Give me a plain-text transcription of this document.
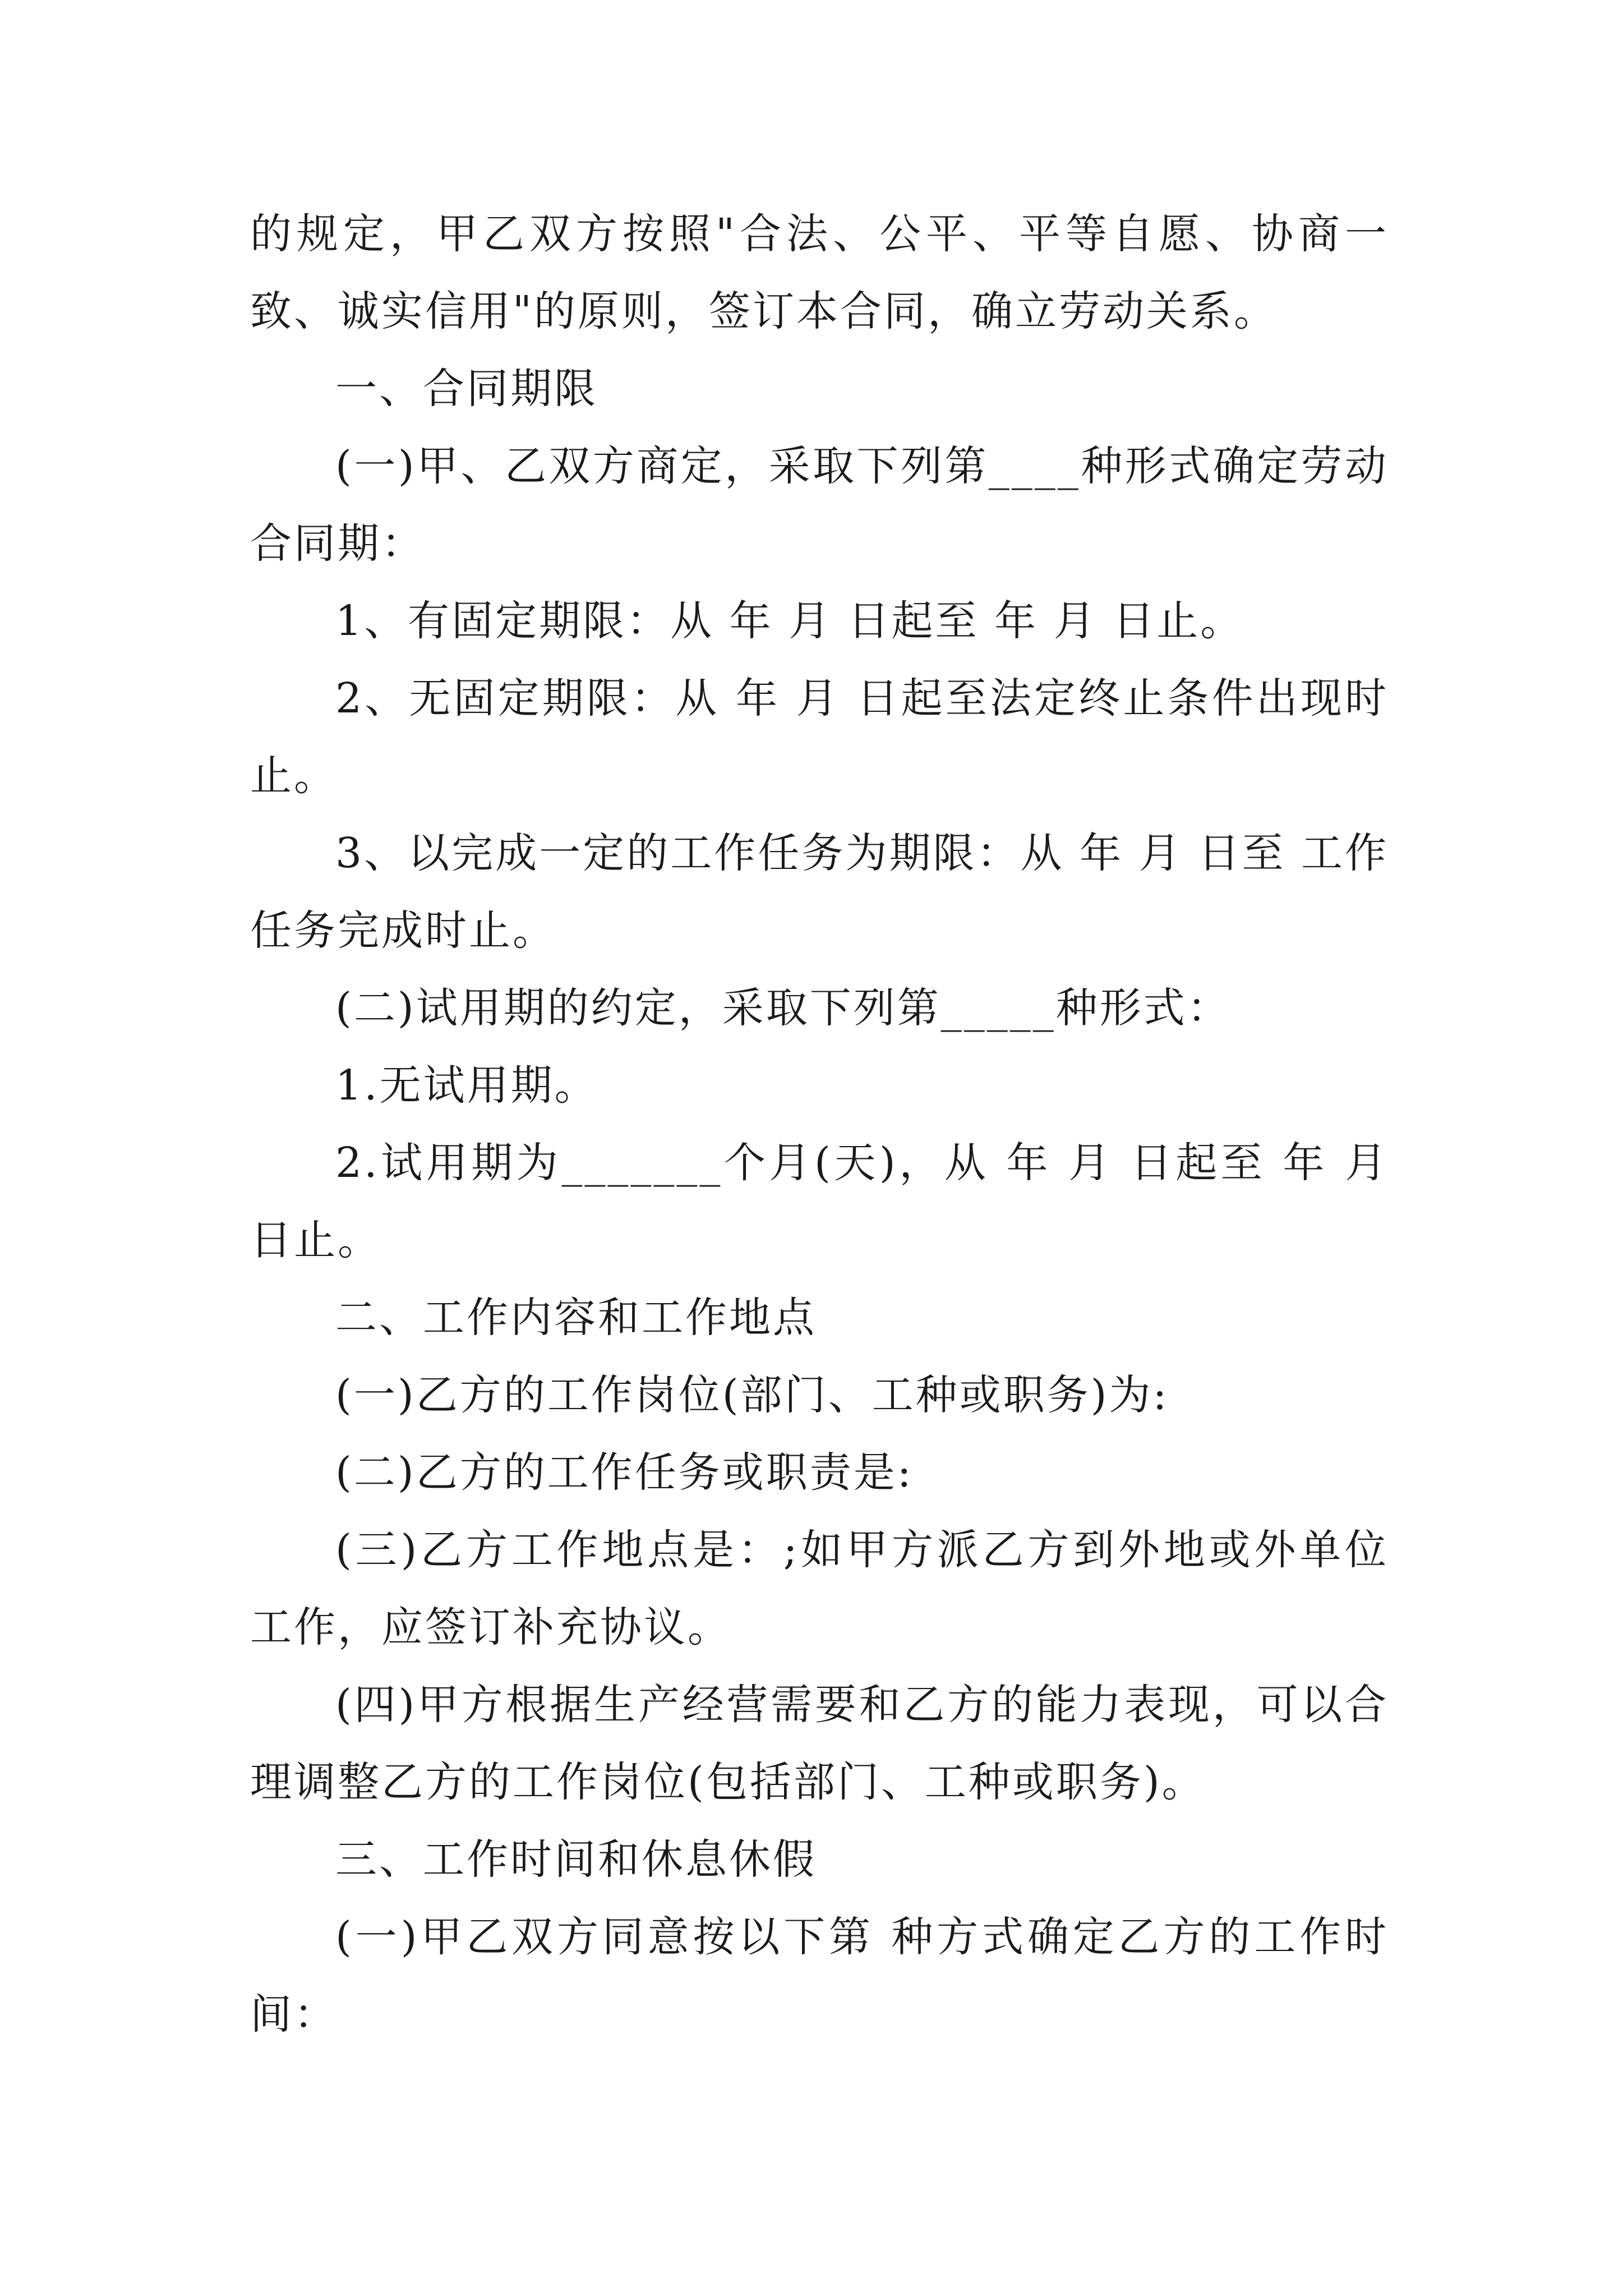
的规定，甲乙双方按照"合法、公平、平等自愿、协商一致、诚实信用"的原则，签订本合同，确立劳动关系。

一、合同期限

(一)甲、乙双方商定，采取下列第____种形式确定劳动合同期：

1、有固定期限：从 年 月 日起至 年 月 日止。

2、无固定期限：从 年 月 日起至法定终止条件出现时止。

3、以完成一定的工作任务为期限：从 年 月 日至 工作任务完成时止。

(二)试用期的约定，采取下列第_____种形式：

1.无试用期。

2.试用期为_______个月(天)，从 年 月 日起至 年 月 日止。

二、工作内容和工作地点

(一)乙方的工作岗位(部门、工种或职务)为:

(二)乙方的工作任务或职责是:

(三)乙方工作地点是：;如甲方派乙方到外地或外单位工作，应签订补充协议。

(四)甲方根据生产经营需要和乙方的能力表现，可以合理调整乙方的工作岗位(包括部门、工种或职务)。

三、工作时间和休息休假

(一)甲乙双方同意按以下第 种方式确定乙方的工作时间：
